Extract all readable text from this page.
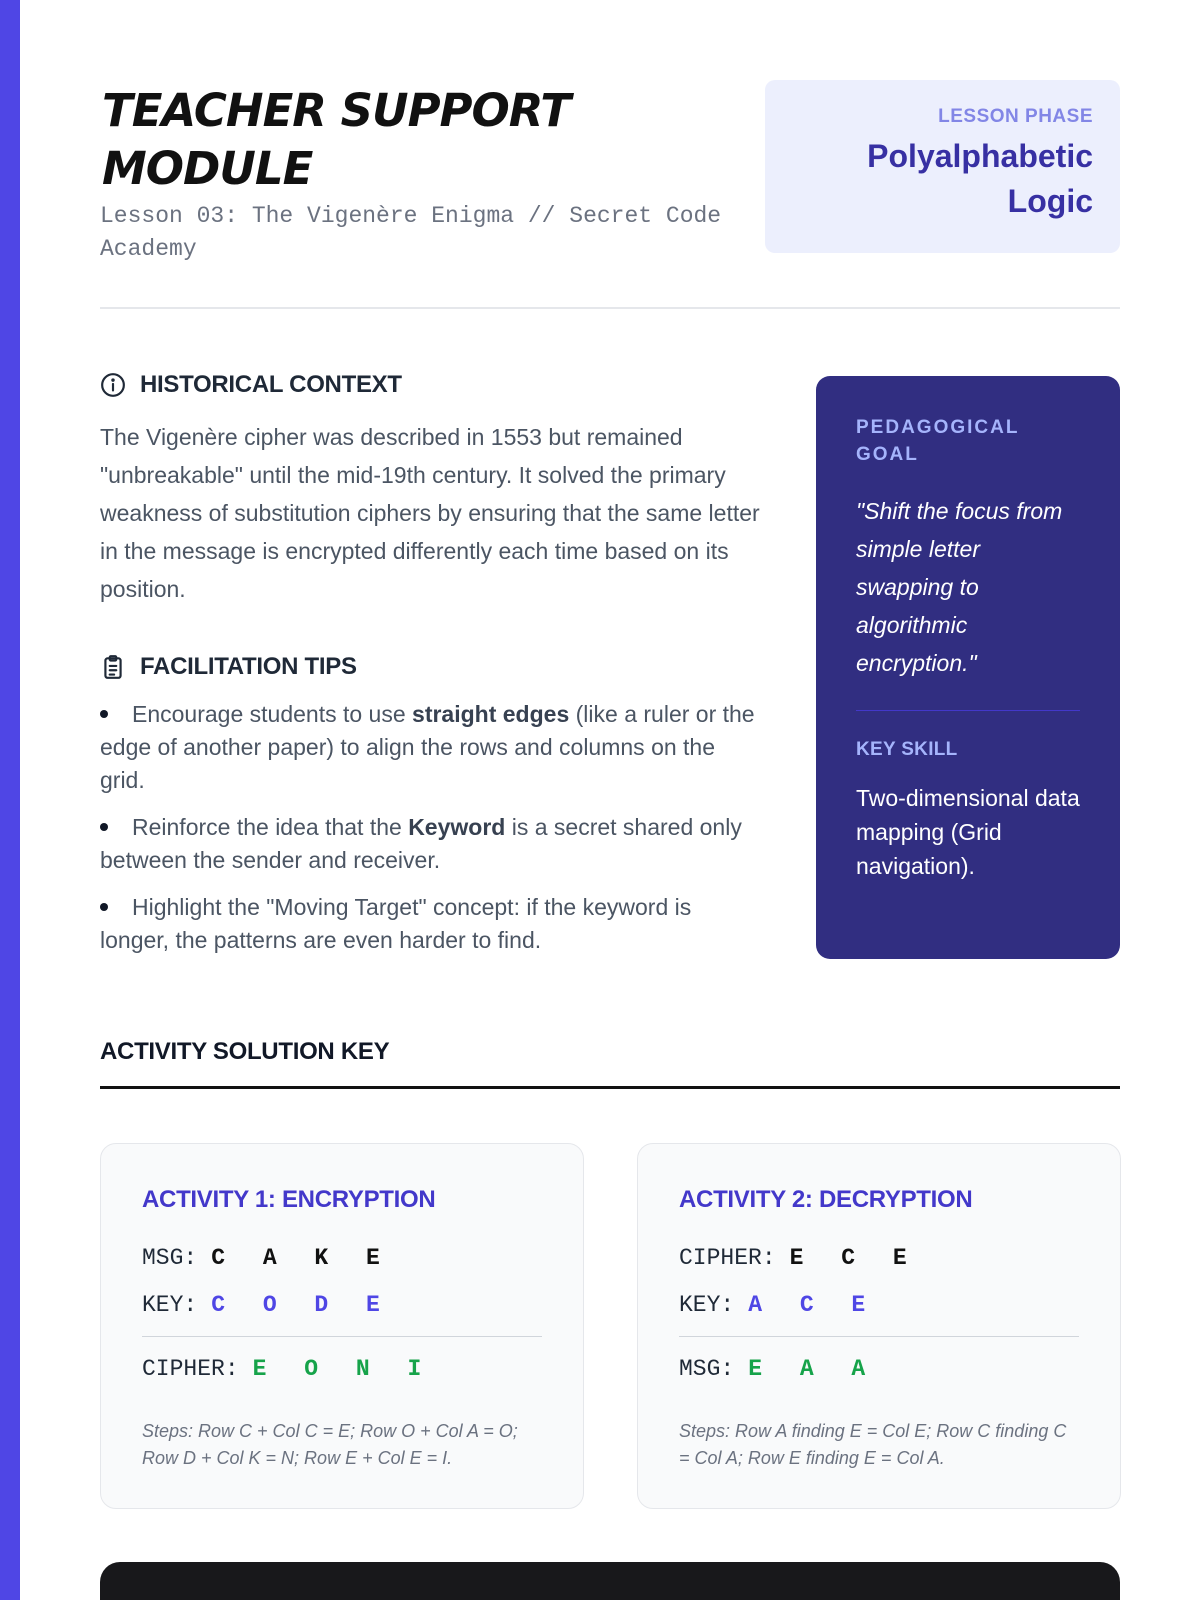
TEACHER SUPPORT MODULE
Lesson 03: The Vigenère Enigma // Secret Code Academy
LESSON PHASE
Polyalphabetic Logic
HISTORICAL CONTEXT

The Vigenère cipher was described in 1553 but remained "unbreakable" until the mid-19th century. It solved the primary weakness of substitution ciphers by ensuring that the same letter in the message is encrypted differently each time based on its position.

FACILITATION TIPS
Encourage students to use straight edges (like a ruler or the edge of another paper) to align the rows and columns on the grid.
Reinforce the idea that the Keyword is a secret shared only between the sender and receiver.
Highlight the "Moving Target" concept: if the keyword is longer, the patterns are even harder to find.
PEDAGOGICAL GOAL

"Shift the focus from simple letter swapping to algorithmic encryption."

KEY SKILL

Two-dimensional data mapping (Grid navigation).

ACTIVITY SOLUTION KEY
ACTIVITY 1: ENCRYPTION
MSG: C A K E
KEY: C O D E
CIPHER: E O N I

Steps: Row C + Col C = E; Row O + Col A = O; Row D + Col K = N; Row E + Col E = I.

ACTIVITY 2: DECRYPTION
CIPHER: E C E
KEY: A C E
MSG: E A A

Steps: Row A finding E = Col E; Row C finding C = Col A; Row E finding E = Col A.
